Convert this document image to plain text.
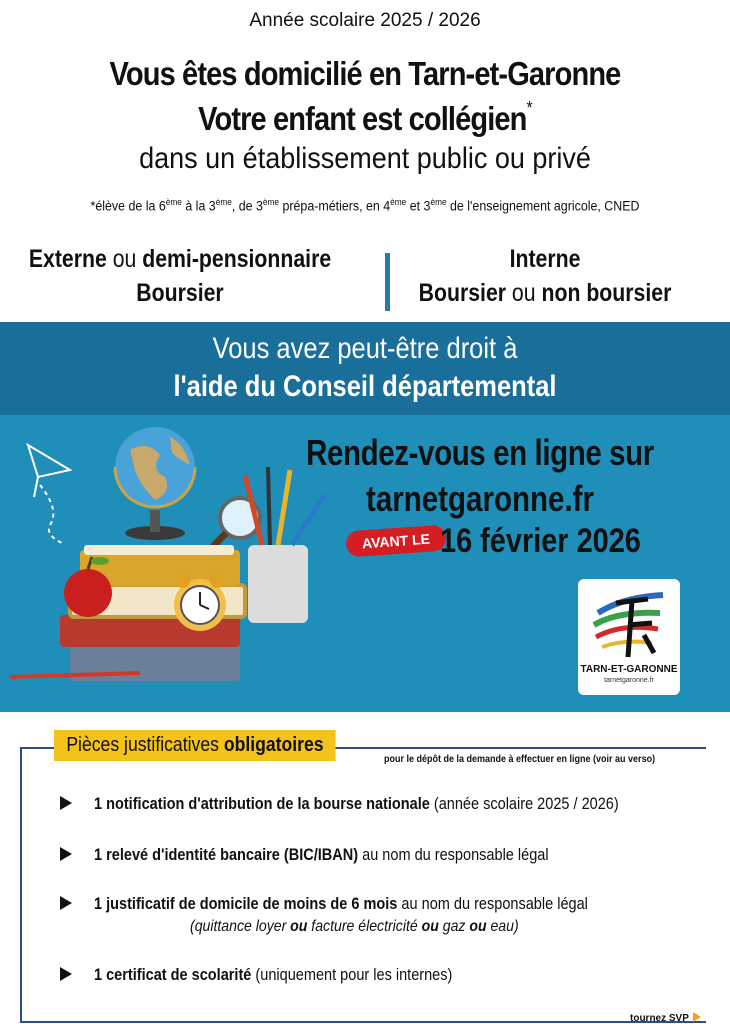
Année scolaire 2025 / 2026
Vous êtes domicilié en Tarn-et-Garonne
Votre enfant est collégien*
dans un établissement public ou privé
*élève de la 6ème à la 3ème, de 3ème prépa-métiers, en 4ème et 3ème de l'enseignement agricole, CNED
Externe ou demi-pensionnaire
Boursier
Interne
Boursier ou non boursier
Vous avez peut-être droit à
l'aide du Conseil départemental
Rendez-vous en ligne sur
tarnetgaronne.fr
AVANT LE 16 février 2026
TARN-ET-GARONNE
tarnetgaronne.fr
Pièces justificatives obligatoires
pour le dépôt de la demande à effectuer en ligne (voir au verso)
1 notification d'attribution de la bourse nationale (année scolaire 2025 / 2026)
1 relevé d'identité bancaire (BIC/IBAN) au nom du responsable légal
1 justificatif de domicile de moins de 6 mois au nom du responsable légal
(quittance loyer ou facture électricité ou gaz ou eau)
1 certificat de scolarité (uniquement pour les internes)
tournez SVP
